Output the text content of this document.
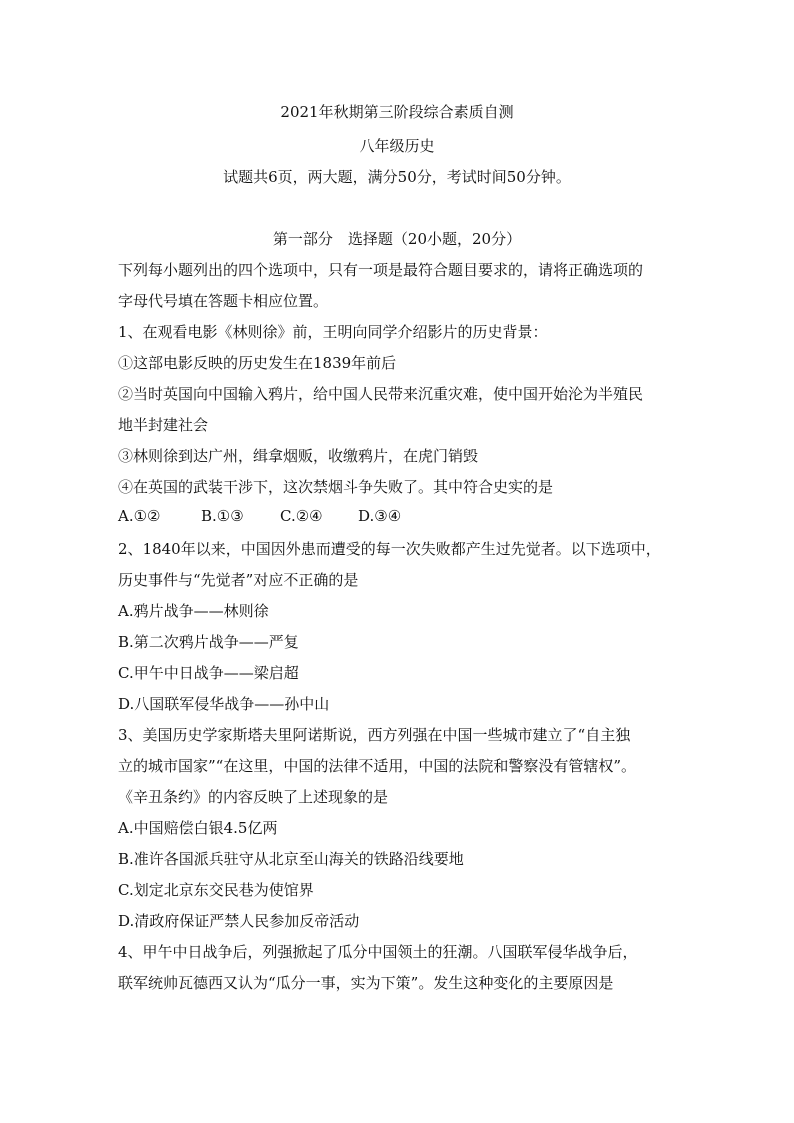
2021年秋期第三阶段综合素质自测
八年级历史
试题共6页，两大题，满分50分，考试时间50分钟。
第一部分　选择题（20小题，20分）
下列每小题列出的四个选项中，只有一项是最符合题目要求的，请将正确选项的
字母代号填在答题卡相应位置。
1、在观看电影《林则徐》前，王明向同学介绍影片的历史背景：
①这部电影反映的历史发生在1839年前后
②当时英国向中国输入鸦片，给中国人民带来沉重灾难，使中国开始沦为半殖民
地半封建社会
③林则徐到达广州，缉拿烟贩，收缴鸦片，在虎门销毁
④在英国的武装干涉下，这次禁烟斗争失败了。其中符合史实的是
A.①②	B.①③ C.②④ D.③④
2、1840年以来，中国因外患而遭受的每一次失败都产生过先觉者。以下选项中，
历史事件与“先觉者”对应不正确的是
A.鸦片战争——林则徐
B.第二次鸦片战争——严复
C.甲午中日战争——梁启超
D.八国联军侵华战争——孙中山
3、美国历史学家斯塔夫里阿诺斯说，西方列强在中国一些城市建立了“自主独
立的城市国家”“在这里，中国的法律不适用，中国的法院和警察没有管辖权”。
《辛丑条约》的内容反映了上述现象的是
A.中国赔偿白银4.5亿两
B.准许各国派兵驻守从北京至山海关的铁路沿线要地
C.划定北京东交民巷为使馆界
D.清政府保证严禁人民参加反帝活动
4、甲午中日战争后，列强掀起了瓜分中国领土的狂潮。八国联军侵华战争后，
联军统帅瓦德西又认为“瓜分一事，实为下策”。发生这种变化的主要原因是
